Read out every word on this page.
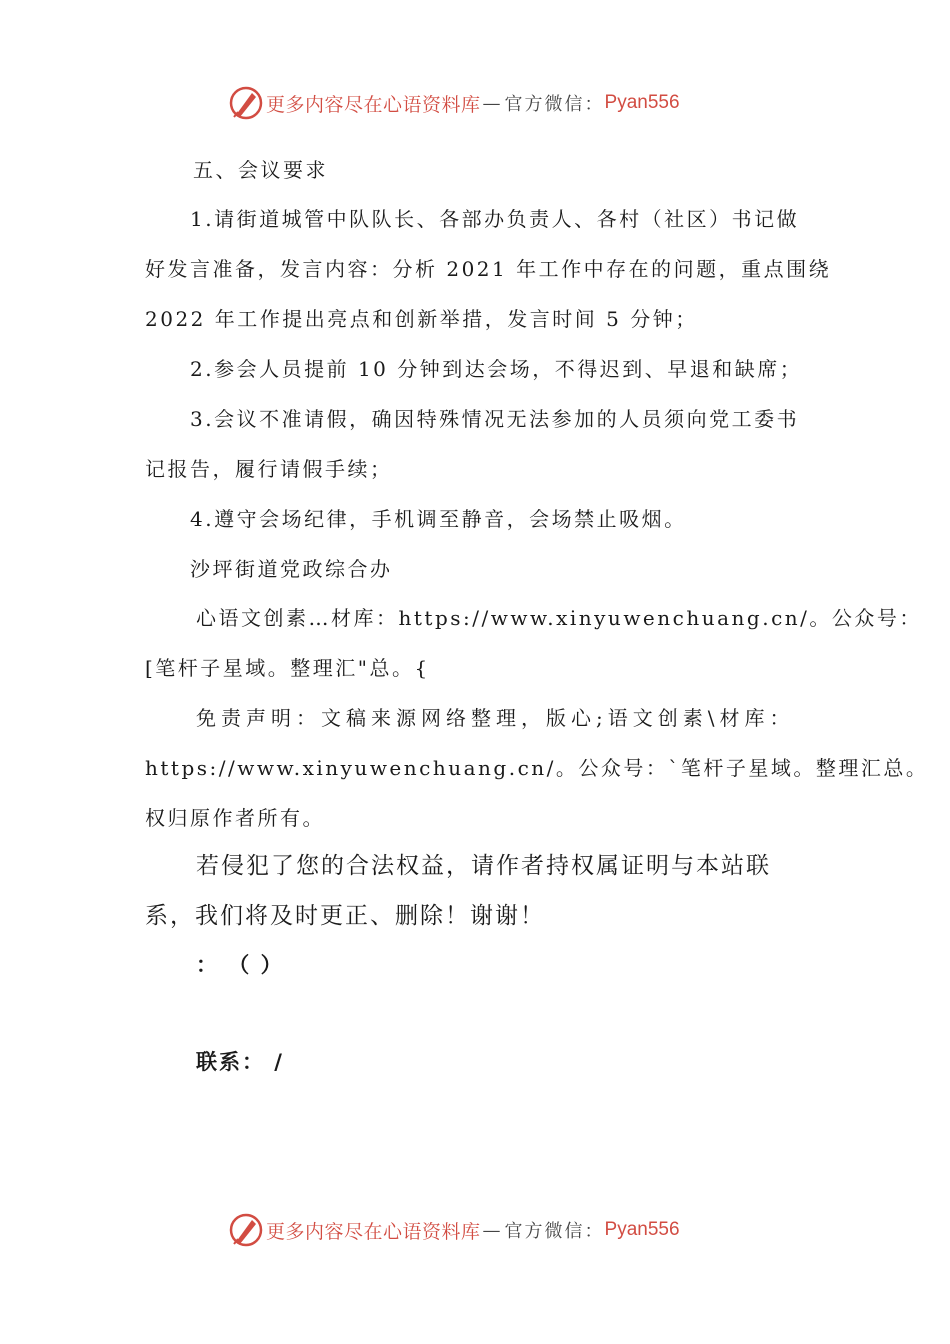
更多内容尽在心语资料库 — 官方微信： Pyan556
五、会议要求
1.请街道城管中队队长、各部办负责人、各村（社区）书记做
好发言准备，发言内容：分析 2021 年工作中存在的问题，重点围绕
2022 年工作提出亮点和创新举措，发言时间 5 分钟；
2.参会人员提前 10 分钟到达会场，不得迟到、早退和缺席；
3.会议不准请假，确因特殊情况无法参加的人员须向党工委书
记报告，履行请假手续；
4.遵守会场纪律，手机调至静音，会场禁止吸烟。
沙坪街道党政综合办
心语文创素…材库：https://www.xinyuwenchuang.cn/。公众号：
[笔杆子星域。整理汇"总。{
免责声明：文稿来源网络整理，版心;语文创素\材库：
https://www.xinyuwenchuang.cn/。公众号：`笔杆子星域。整理汇总。
权归原作者所有。
若侵犯了您的合法权益，请作者持权属证明与本站联
系，我们将及时更正、删除！谢谢！
： （ ）
联系： /
更多内容尽在心语资料库 — 官方微信： Pyan556
